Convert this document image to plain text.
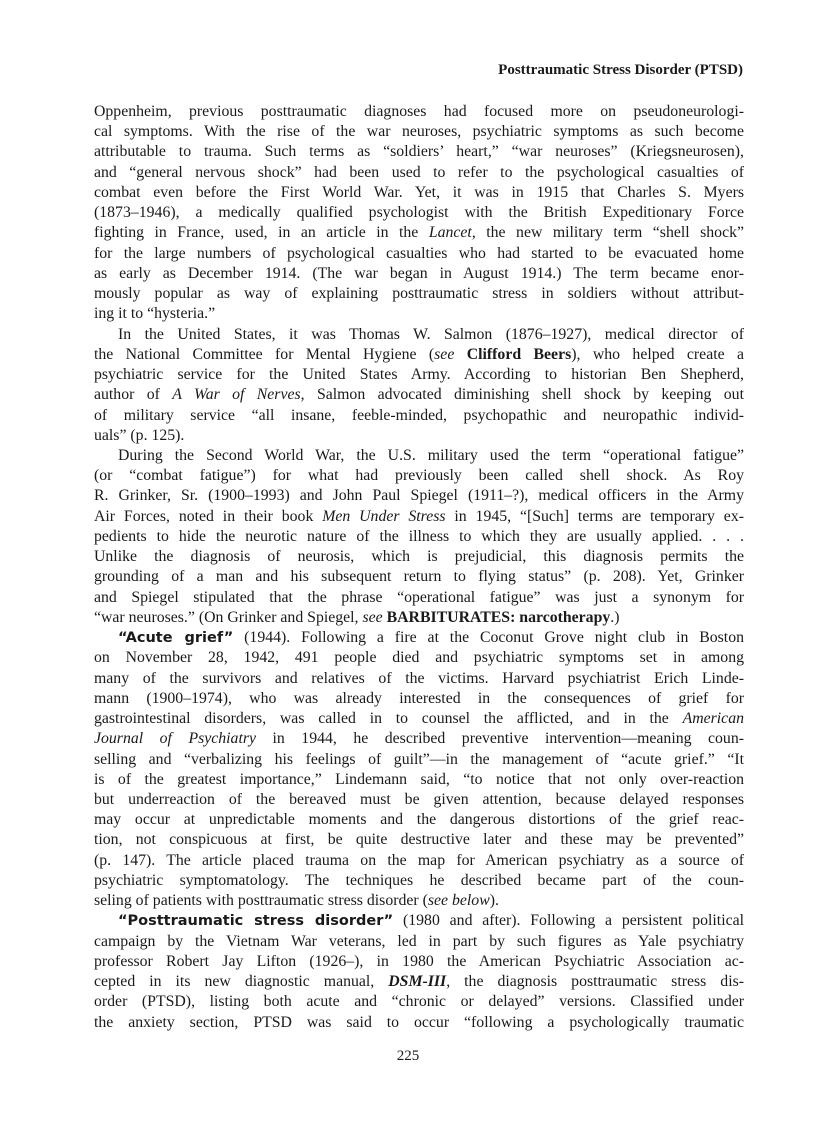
Posttraumatic Stress Disorder (PTSD)
Oppenheim, previous posttraumatic diagnoses had focused more on pseudoneurologi-
cal symptoms. With the rise of the war neuroses, psychiatric symptoms as such become
attributable to trauma. Such terms as “soldiers’ heart,” “war neuroses” (Kriegsneurosen),
and “general nervous shock” had been used to refer to the psychological casualties of
combat even before the First World War. Yet, it was in 1915 that Charles S. Myers
(1873–1946), a medically qualified psychologist with the British Expeditionary Force
fighting in France, used, in an article in the Lancet, the new military term “shell shock”
for the large numbers of psychological casualties who had started to be evacuated home
as early as December 1914. (The war began in August 1914.) The term became enor-
mously popular as way of explaining posttraumatic stress in soldiers without attribut-
ing it to “hysteria.”
In the United States, it was Thomas W. Salmon (1876–1927), medical director of
the National Committee for Mental Hygiene (see Clifford Beers), who helped create a
psychiatric service for the United States Army. According to historian Ben Shepherd,
author of A War of Nerves, Salmon advocated diminishing shell shock by keeping out
of military service “all insane, feeble-minded, psychopathic and neuropathic individ-
uals” (p. 125).
During the Second World War, the U.S. military used the term “operational fatigue”
(or “combat fatigue”) for what had previously been called shell shock. As Roy
R. Grinker, Sr. (1900–1993) and John Paul Spiegel (1911–?), medical officers in the Army
Air Forces, noted in their book Men Under Stress in 1945, “[Such] terms are temporary ex-
pedients to hide the neurotic nature of the illness to which they are usually applied. . . .
Unlike the diagnosis of neurosis, which is prejudicial, this diagnosis permits the
grounding of a man and his subsequent return to flying status” (p. 208). Yet, Grinker
and Spiegel stipulated that the phrase “operational fatigue” was just a synonym for
“war neuroses.” (On Grinker and Spiegel, see BARBITURATES: narcotherapy.)
“Acute grief” (1944). Following a fire at the Coconut Grove night club in Boston
on November 28, 1942, 491 people died and psychiatric symptoms set in among
many of the survivors and relatives of the victims. Harvard psychiatrist Erich Linde-
mann (1900–1974), who was already interested in the consequences of grief for
gastrointestinal disorders, was called in to counsel the afflicted, and in the American
Journal of Psychiatry in 1944, he described preventive intervention—meaning coun-
selling and “verbalizing his feelings of guilt”—in the management of “acute grief.” “It
is of the greatest importance,” Lindemann said, “to notice that not only over-reaction
but underreaction of the bereaved must be given attention, because delayed responses
may occur at unpredictable moments and the dangerous distortions of the grief reac-
tion, not conspicuous at first, be quite destructive later and these may be prevented”
(p. 147). The article placed trauma on the map for American psychiatry as a source of
psychiatric symptomatology. The techniques he described became part of the coun-
seling of patients with posttraumatic stress disorder (see below).
“Posttraumatic stress disorder” (1980 and after). Following a persistent political
campaign by the Vietnam War veterans, led in part by such figures as Yale psychiatry
professor Robert Jay Lifton (1926–), in 1980 the American Psychiatric Association ac-
cepted in its new diagnostic manual, DSM-III, the diagnosis posttraumatic stress dis-
order (PTSD), listing both acute and “chronic or delayed” versions. Classified under
the anxiety section, PTSD was said to occur “following a psychologically traumatic
225
